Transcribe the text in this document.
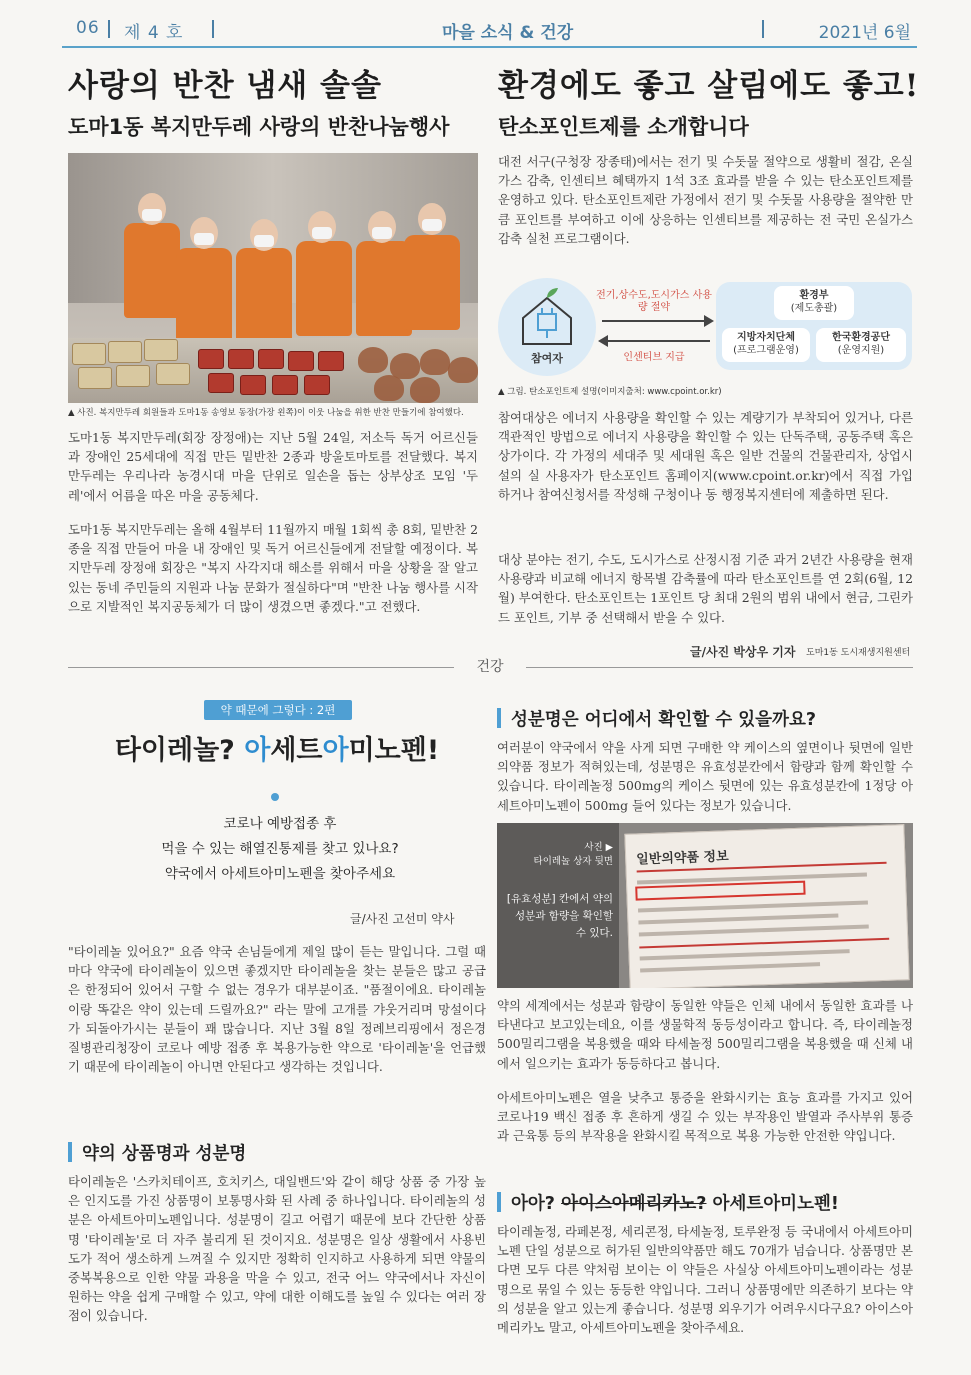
06 제 4 호	마을 소식 & 건강	2021년 6월
사랑의 반찬 냄새 솔솔
도마1동 복지만두레 사랑의 반찬나눔행사
▲ 사진. 복지만두레 회원들과 도마1동 송영보 동장(가장 왼쪽)이 이웃 나눔을 위한 반찬 만들기에 참여했다.
도마1동 복지만두레(회장 장정애)는 지난 5월 24일, 저소득 독거 어르신들과 장애인 25세대에 직접 만든 밑반찬 2종과 방울토마토를 전달했다. 복지만두레는 우리나라 농경시대 마을 단위로 일손을 돕는 상부상조 모임 '두레'에서 어름을 따온 마을 공동체다.
도마1동 복지만두레는 올해 4월부터 11월까지 매월 1회씩 총 8회, 밑반찬 2종을 직접 만들어 마을 내 장애인 및 독거 어르신들에게 전달할 예정이다. 복지만두레 장정애 회장은 "복지 사각지대 해소를 위해서 마을 상황을 잘 알고 있는 동네 주민들의 지원과 나눔 문화가 절실하다"며 "반찬 나눔 행사를 시작으로 지발적인 복지공동체가 더 많이 생겼으면 좋겠다."고 전했다.
환경에도 좋고 살림에도 좋고!
탄소포인트제를 소개합니다
대전 서구(구청장 장종태)에서는 전기 및 수돗물 절약으로 생활비 절감, 온실가스 감축, 인센티브 혜택까지 1석 3조 효과를 받을 수 있는 탄소포인트제를 운영하고 있다. 탄소포인트제란 가정에서 전기 및 수돗물 사용량을 절약한 만큼 포인트를 부여하고 이에 상응하는 인센티브를 제공하는 전 국민 온실가스 감축 실천 프로그램이다.
참여자
전기,상수도,도시가스 사용량 절약
인센티브 지급
환경부
(제도총괄)
지방자치단체
(프로그램운영)
한국환경공단
(운영지원)
▲ 그림. 탄소포인트제 설명(이미지출처: www.cpoint.or.kr)
참여대상은 에너지 사용량을 확인할 수 있는 계량기가 부착되어 있거나, 다른 객관적인 방법으로 에너지 사용량을 확인할 수 있는 단독주택, 공동주택 혹은 상가이다. 각 가정의 세대주 및 세대원 혹은 일반 건물의 건물관리자, 상업시설의 실 사용자가 탄소포인트 홈페이지(www.cpoint.or.kr)에서 직접 가입하거나 참여신청서를 작성해 구청이나 동 행정복지센터에 제출하면 된다.
대상 분야는 전기, 수도, 도시가스로 산정시점 기준 과거 2년간 사용량을 현재 사용량과 비교해 에너지 항목별 감축률에 따라 탄소포인트를 연 2회(6월, 12월) 부여한다. 탄소포인트는 1포인트 당 최대 2원의 범위 내에서 현금, 그린카드 포인트, 기부 중 선택해서 받을 수 있다.
글/사진 박상우 기자 도마1동 도시재생지원센터
건강
약 때문에 그렇다 : 2편
타이레놀? 아세트아미노펜!
코로나 예방접종 후
먹을 수 있는 해열진통제를 찾고 있나요?
약국에서 아세트아미노펜을 찾아주세요
글/사진 고선미 약사
"타이레놀 있어요?" 요즘 약국 손님들에게 제일 많이 듣는 말입니다. 그럴 때마다 약국에 타이레놀이 있으면 좋겠지만 타이레놀을 찾는 분들은 많고 공급은 한정되어 있어서 구할 수 없는 경우가 대부분이죠. "품절이에요. 타이레놀이랑 똑같은 약이 있는데 드릴까요?" 라는 말에 고개를 갸웃거리며 망설이다가 되돌아가시는 분들이 꽤 많습니다. 지난 3월 8일 정례브리핑에서 정은경 질병관리청장이 코로나 예방 접종 후 복용가능한 약으로 '타이레놀'을 언급했기 때문에 타이레놀이 아니면 안된다고 생각하는 것입니다.
약의 상품명과 성분명
타이레놀은 '스카치테이프, 호치키스, 대일밴드'와 같이 해당 상품 중 가장 높은 인지도를 가진 상품명이 보통명사화 된 사례 중 하나입니다. 타이레놀의 성분은 아세트아미노펜입니다. 성분명이 길고 어렵기 때문에 보다 간단한 상품명 '타이레놀'로 더 자주 불리게 된 것이지요. 성분명은 일상 생활에서 사용빈도가 적어 생소하게 느껴질 수 있지만 정확히 인지하고 사용하게 되면 약물의 중복복용으로 인한 약물 과용을 막을 수 있고, 전국 어느 약국에서나 자신이 원하는 약을 쉽게 구매할 수 있고, 약에 대한 이해도를 높일 수 있다는 여러 장점이 있습니다.
성분명은 어디에서 확인할 수 있을까요?
여러분이 약국에서 약을 사게 되면 구매한 약 케이스의 옆면이나 뒷면에 일반의약품 정보가 적혀있는데, 성분명은 유효성분칸에서 함량과 함께 확인할 수 있습니다. 타이레놀정 500mg의 케이스 뒷면에 있는 유효성분칸에 1정당 아세트아미노펜이 500mg 들어 있다는 정보가 있습니다.
사진 ▶
타이레놀 상자 뒷면
[유효성분] 칸에서 약의 성분과 함량을 확인할 수 있다.
일반의약품 정보
약의 세계에서는 성분과 함량이 동일한 약들은 인체 내에서 동일한 효과를 나타낸다고 보고있는데요, 이를 생물학적 동등성이라고 합니다. 즉, 타이레놀정 500밀리그램을 복용했을 때와 타세놀정 500밀리그램을 복용했을 때 신체 내에서 일으키는 효과가 동등하다고 봅니다.
아세트아미노펜은 열을 낮추고 통증을 완화시키는 효능 효과를 가지고 있어 코로나19 백신 접종 후 흔하게 생길 수 있는 부작용인 발열과 주사부위 통증과 근육통 등의 부작용을 완화시킬 목적으로 복용 가능한 안전한 약입니다.
아아? 아이스아메리카노? 아세트아미노펜!
타이레놀정, 라페본정, 세리콘정, 타세놀정, 토루완정 등 국내에서 아세트아미노펜 단일 성분으로 허가된 일반의약품만 해도 70개가 넘습니다. 상품명만 본다면 모두 다른 약처럼 보이는 이 약들은 사실상 아세트아미노펜이라는 성분명으로 묶일 수 있는 동등한 약입니다. 그러니 상품명에만 의존하기 보다는 약의 성분을 알고 있는게 좋습니다. 성분명 외우기가 어려우시다구요? 아이스아메리카노 말고, 아세트아미노펜을 찾아주세요.
